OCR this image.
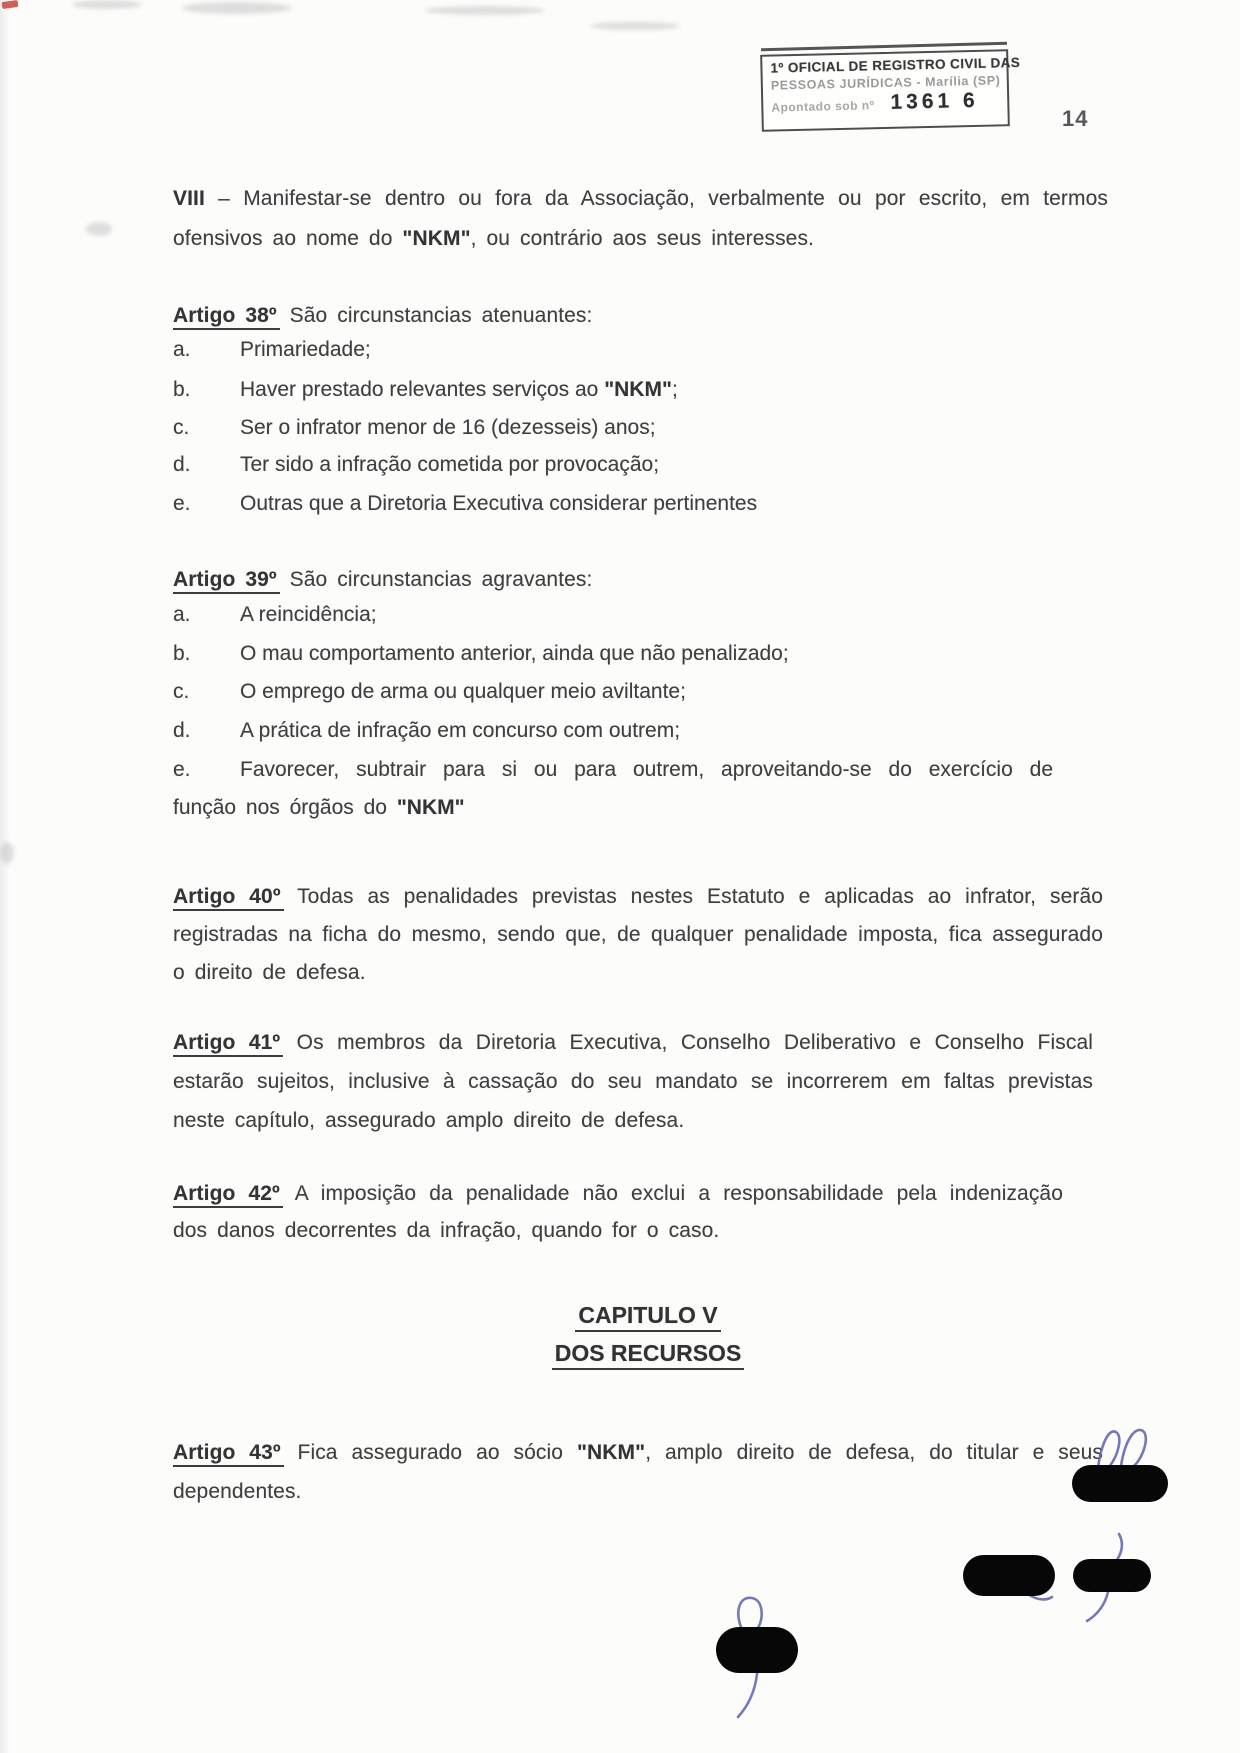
1º OFICIAL DE REGISTRO CIVIL DAS
PESSOAS JURÍDICAS - Marília (SP)
Apontado sob nº 1361 6
14
VIII – Manifestar-se dentro ou fora da Associação, verbalmente ou por escrito, em termos ofensivos ao nome do "NKM", ou contrário aos seus interesses.
Artigo 38º São circunstancias atenuantes:
a. Primariedade;
b. Haver prestado relevantes serviços ao "NKM";
c. Ser o infrator menor de 16 (dezesseis) anos;
d. Ter sido a infração cometida por provocação;
e. Outras que a Diretoria Executiva considerar pertinentes
Artigo 39º São circunstancias agravantes:
a. A reincidência;
b. O mau comportamento anterior, ainda que não penalizado;
c. O emprego de arma ou qualquer meio aviltante;
d. A prática de infração em concurso com outrem;
e. Favorecer, subtrair para si ou para outrem, aproveitando-se do exercício de função nos órgãos do "NKM"
Artigo 40º Todas as penalidades previstas nestes Estatuto e aplicadas ao infrator, serão registradas na ficha do mesmo, sendo que, de qualquer penalidade imposta, fica assegurado o direito de defesa.
Artigo 41º Os membros da Diretoria Executiva, Conselho Deliberativo e Conselho Fiscal estarão sujeitos, inclusive à cassação do seu mandato se incorrerem em faltas previstas neste capítulo, assegurado amplo direito de defesa.
Artigo 42º A imposição da penalidade não exclui a responsabilidade pela indenização dos danos decorrentes da infração, quando for o caso.
CAPITULO V
DOS RECURSOS
Artigo 43º Fica assegurado ao sócio "NKM", amplo direito de defesa, do titular e seus dependentes.
